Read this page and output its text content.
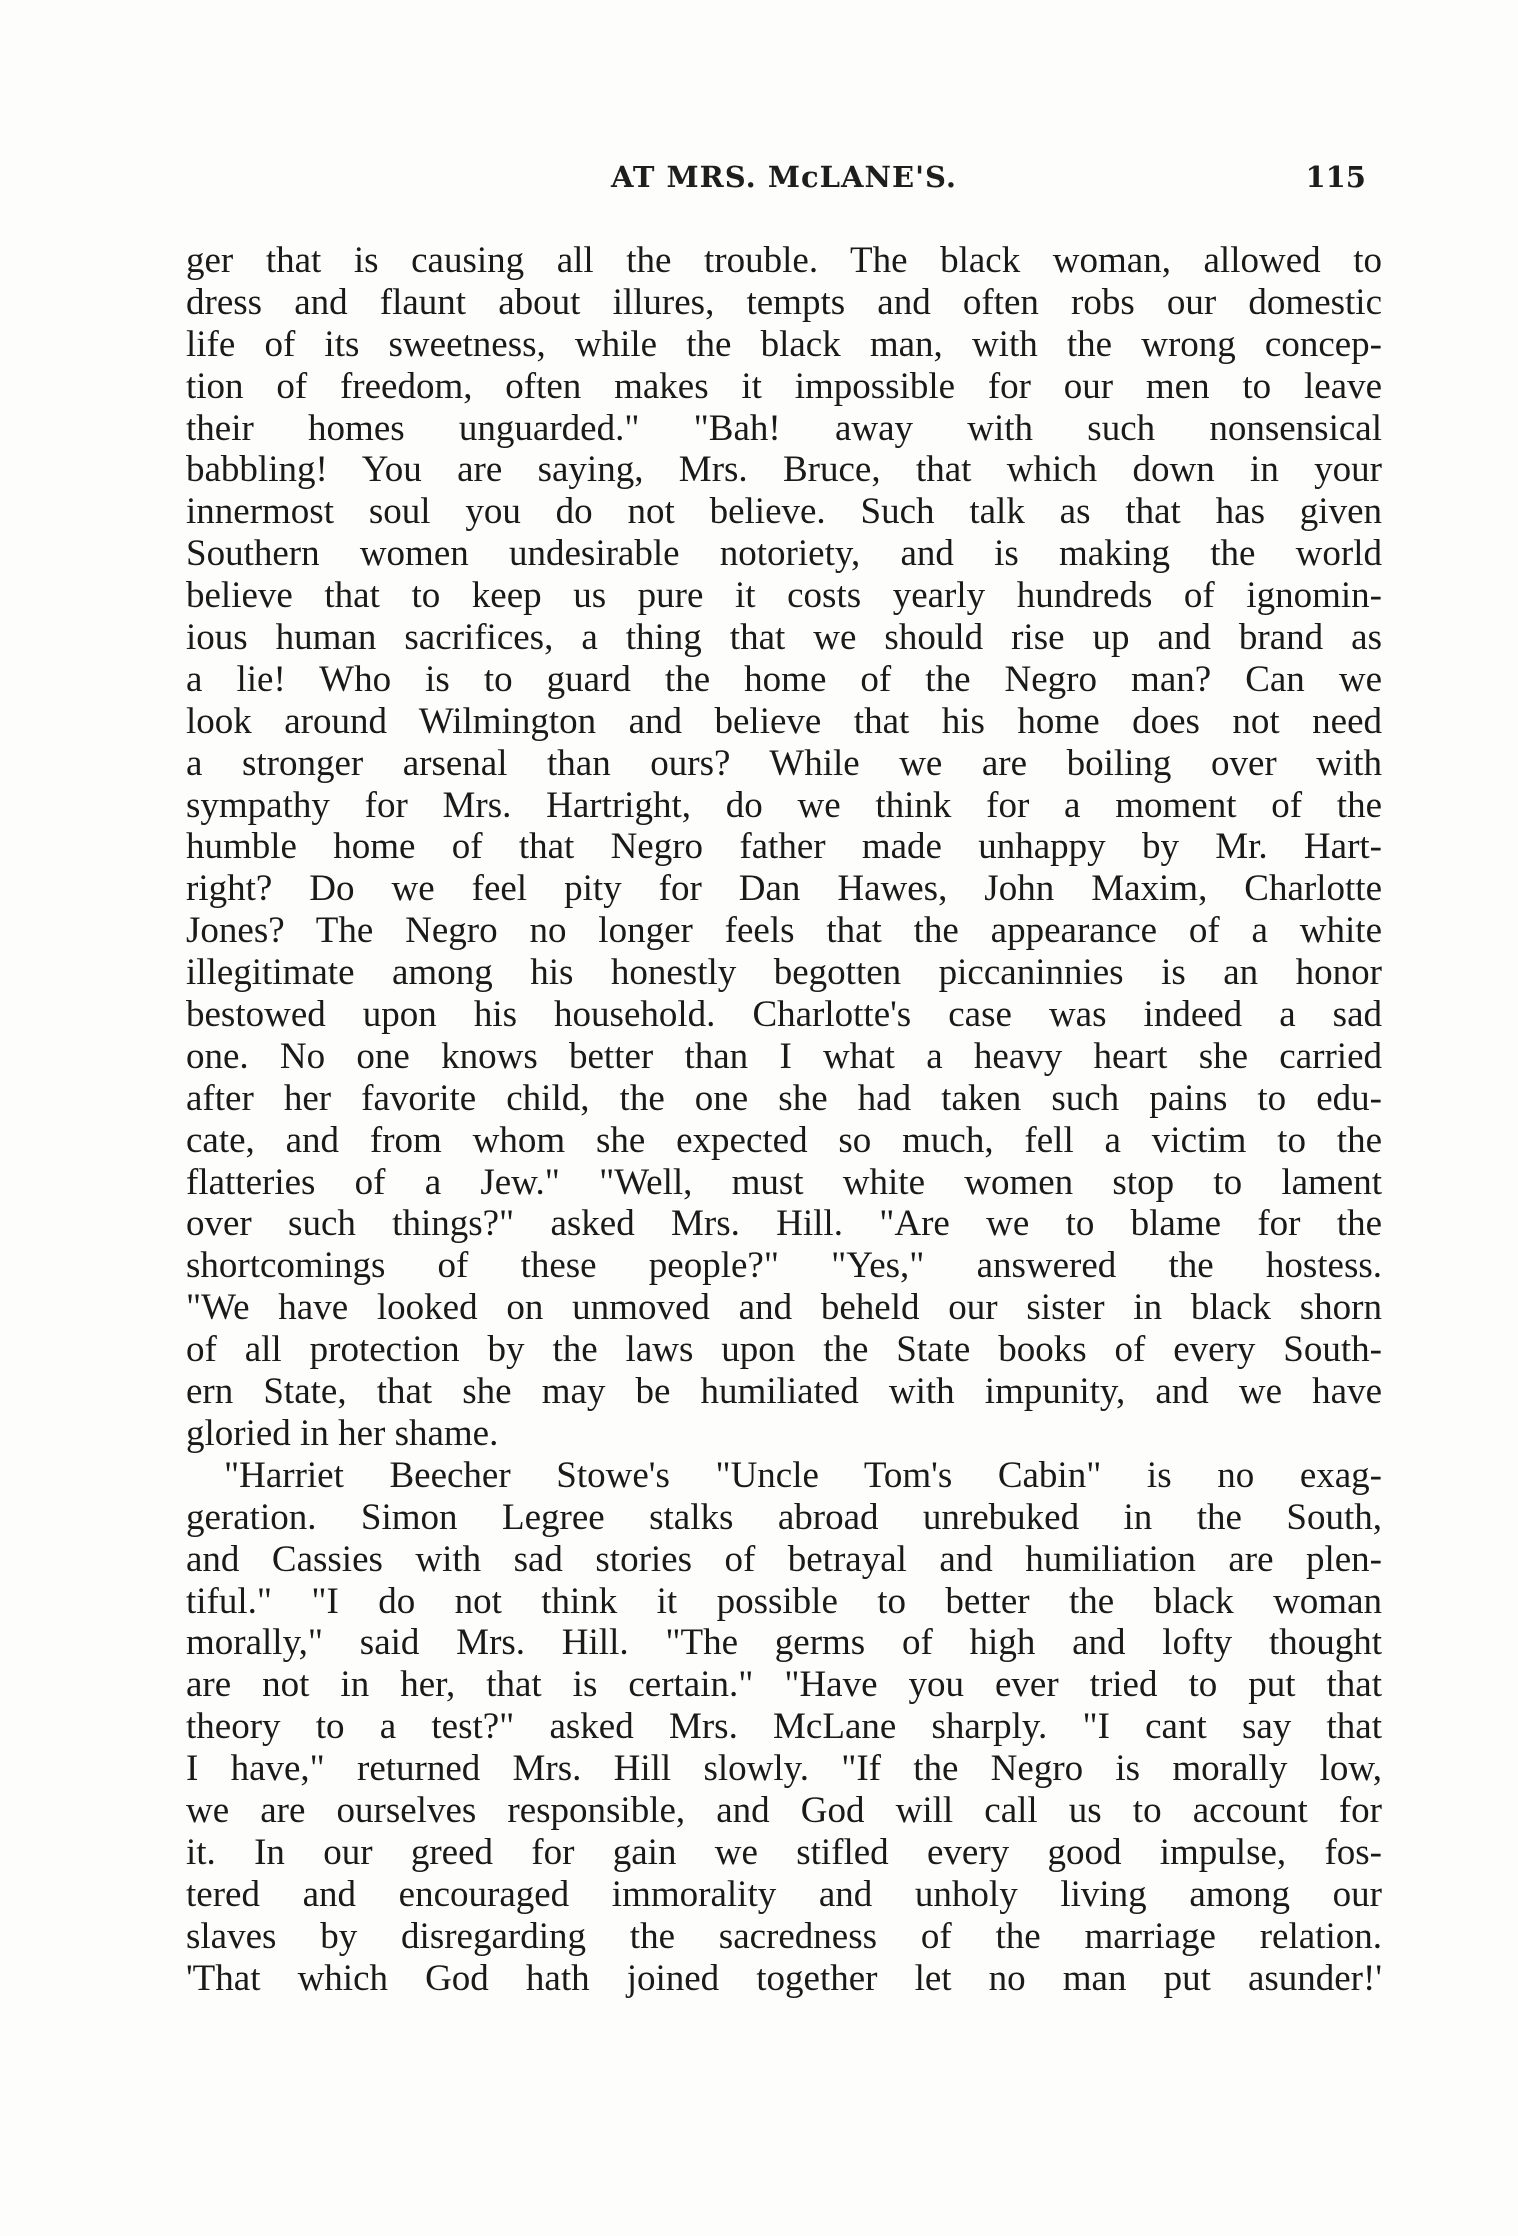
AT MRS. McLANE'S.	115
ger that is causing all the trouble. The black woman, allowed to
dress and flaunt about illures, tempts and often robs our domestic
life of its sweetness, while the black man, with the wrong concep-
tion of freedom, often makes it impossible for our men to leave
their homes unguarded." "Bah! away with such nonsensical
babbling! You are saying, Mrs. Bruce, that which down in your
innermost soul you do not believe. Such talk as that has given
Southern women undesirable notoriety, and is making the world
believe that to keep us pure it costs yearly hundreds of ignomin-
ious human sacrifices, a thing that we should rise up and brand as
a lie! Who is to guard the home of the Negro man? Can we
look around Wilmington and believe that his home does not need
a stronger arsenal than ours? While we are boiling over with
sympathy for Mrs. Hartright, do we think for a moment of the
humble home of that Negro father made unhappy by Mr. Hart-
right? Do we feel pity for Dan Hawes, John Maxim, Charlotte
Jones? The Negro no longer feels that the appearance of a white
illegitimate among his honestly begotten piccaninnies is an honor
bestowed upon his household. Charlotte's case was indeed a sad
one. No one knows better than I what a heavy heart she carried
after her favorite child, the one she had taken such pains to edu-
cate, and from whom she expected so much, fell a victim to the
flatteries of a Jew." "Well, must white women stop to lament
over such things?" asked Mrs. Hill. "Are we to blame for the
shortcomings of these people?" "Yes," answered the hostess.
"We have looked on unmoved and beheld our sister in black shorn
of all protection by the laws upon the State books of every South-
ern State, that she may be humiliated with impunity, and we have
gloried in her shame.
"Harriet Beecher Stowe's "Uncle Tom's Cabin" is no exag-
geration. Simon Legree stalks abroad unrebuked in the South,
and Cassies with sad stories of betrayal and humiliation are plen-
tiful." "I do not think it possible to better the black woman
morally," said Mrs. Hill. "The germs of high and lofty thought
are not in her, that is certain." "Have you ever tried to put that
theory to a test?" asked Mrs. McLane sharply. "I cant say that
I have," returned Mrs. Hill slowly. "If the Negro is morally low,
we are ourselves responsible, and God will call us to account for
it. In our greed for gain we stifled every good impulse, fos-
tered and encouraged immorality and unholy living among our
slaves by disregarding the sacredness of the marriage relation.
'That which God hath joined together let no man put asunder!'
